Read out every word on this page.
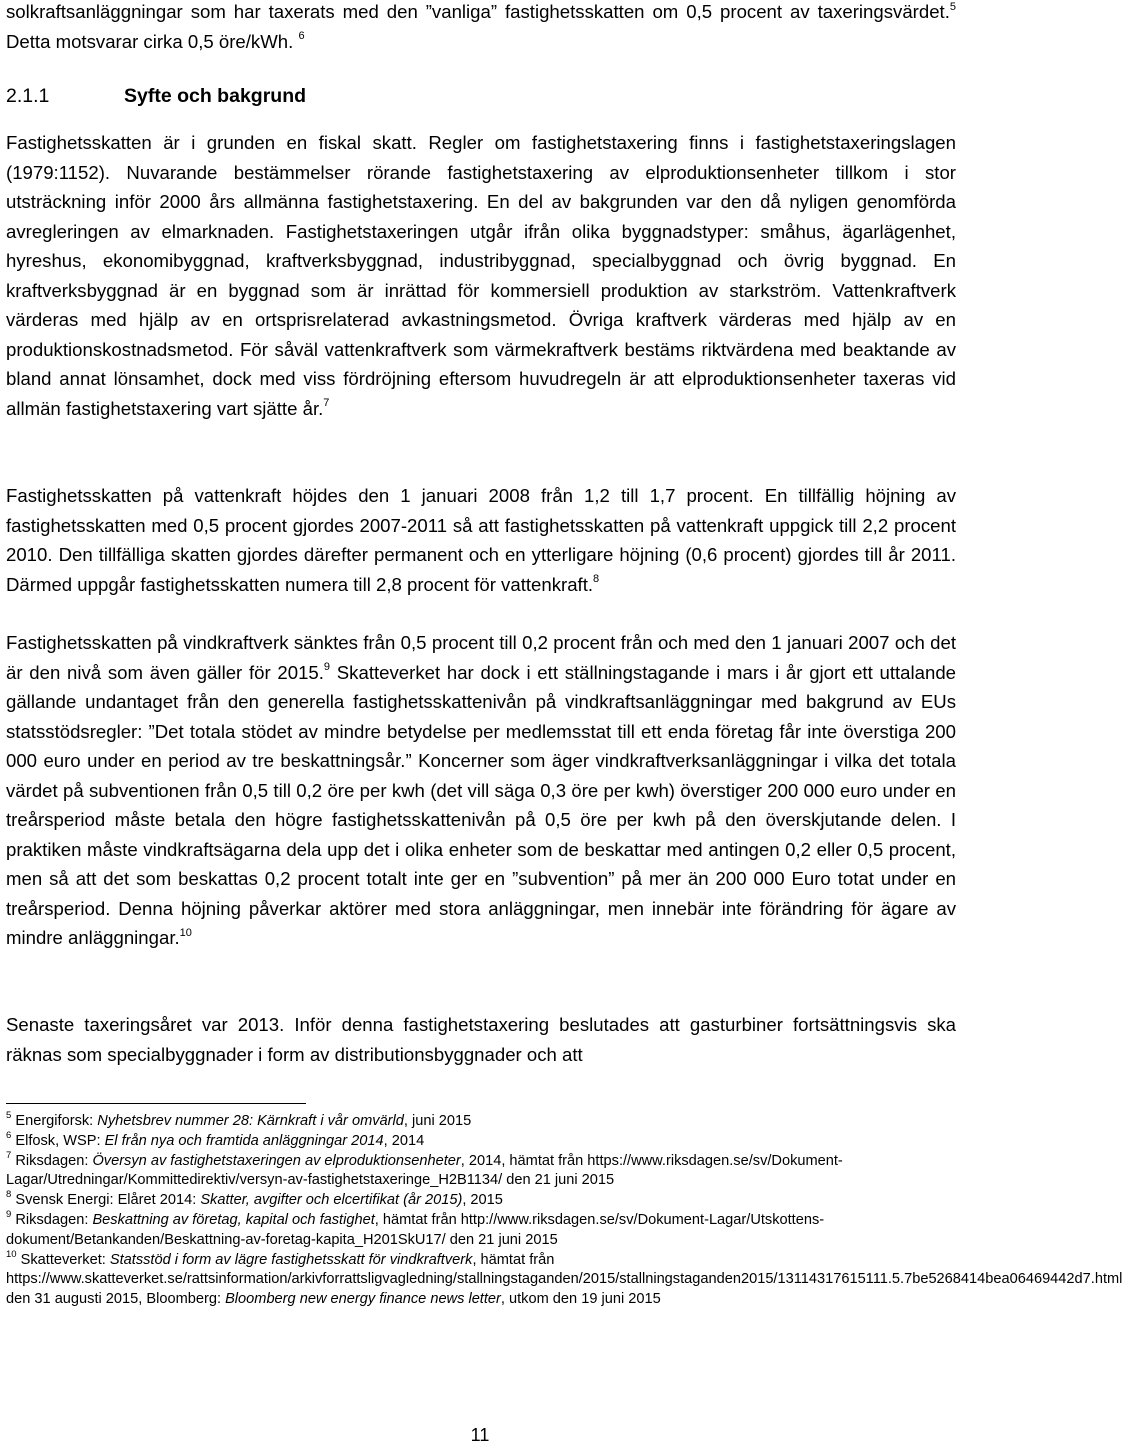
solkraftsanläggningar som har taxerats med den ”vanliga” fastighetsskatten om 0,5 procent av taxeringsvärdet.$^5$ Detta motsvarar cirka 0,5 öre/kWh. $^6$

2.1.1	Syfte och bakgrund

Fastighetsskatten är i grunden en fiskal skatt. Regler om fastighetstaxering finns i fastighetstaxeringslagen (1979:1152). Nuvarande bestämmelser rörande fastighetstaxering av elproduktionsenheter tillkom i stor utsträckning inför 2000 års allmänna fastighetstaxering. En del av bakgrunden var den då nyligen genomförda avregleringen av elmarknaden. Fastighetstaxeringen utgår ifrån olika byggnadstyper: småhus, ägarlägenhet, hyreshus, ekonomibyggnad, kraftverksbyggnad, industribyggnad, specialbyggnad och övrig byggnad. En kraftverksbyggnad är en byggnad som är inrättad för kommersiell produktion av starkström. Vattenkraftverk värderas med hjälp av en ortsprisrelaterad avkastningsmetod. Övriga kraftverk värderas med hjälp av en produktionskostnadsmetod. För såväl vattenkraftverk som värmekraftverk bestäms riktvärdena med beaktande av bland annat lönsamhet, dock med viss fördröjning eftersom huvudregeln är att elproduktionsenheter taxeras vid allmän fastighetstaxering vart sjätte år.$^7$

Fastighetsskatten på vattenkraft höjdes den 1 januari 2008 från 1,2 till 1,7 procent. En tillfällig höjning av fastighetsskatten med 0,5 procent gjordes 2007-2011 så att fastighetsskatten på vattenkraft uppgick till 2,2 procent 2010. Den tillfälliga skatten gjordes därefter permanent och en ytterligare höjning (0,6 procent) gjordes till år 2011. Därmed uppgår fastighetsskatten numera till 2,8 procent för vattenkraft.$^8$

Fastighetsskatten på vindkraftverk sänktes från 0,5 procent till 0,2 procent från och med den 1 januari 2007 och det är den nivå som även gäller för 2015.$^9$ Skatteverket har dock i ett ställningstagande i mars i år gjort ett uttalande gällande undantaget från den generella fastighetsskattenivån på vindkraftsanläggningar med bakgrund av EUs statsstödsregler: ”Det totala stödet av mindre betydelse per medlemsstat till ett enda företag får inte överstiga 200 000 euro under en period av tre beskattningsår.” Koncerner som äger vindkraftverksanläggningar i vilka det totala värdet på subventionen från 0,5 till 0,2 öre per kwh (det vill säga 0,3 öre per kwh) överstiger 200 000 euro under en treårsperiod måste betala den högre fastighetsskattenivån på 0,5 öre per kwh på den överskjutande delen. I praktiken måste vindkraftsägarna dela upp det i olika enheter som de beskattar med antingen 0,2 eller 0,5 procent, men så att det som beskattas 0,2 procent totalt inte ger en ”subvention” på mer än 200 000 Euro totat under en treårsperiod. Denna höjning påverkar aktörer med stora anläggningar, men innebär inte förändring för ägare av mindre anläggningar.$^{10}$

Senaste taxeringsåret var 2013. Inför denna fastighetstaxering beslutades att gasturbiner fortsättningsvis ska räknas som specialbyggnader i form av distributionsbyggnader och att

$^5$ Energiforsk: Nyhetsbrev nummer 28: Kärnkraft i vår omvärld, juni 2015

$^6$ Elfosk, WSP: El från nya och framtida anläggningar 2014, 2014

$^7$ Riksdagen: Översyn av fastighetstaxeringen av elproduktionsenheter, 2014, hämtat från https://www.riksdagen.se/sv/Dokument-Lagar/Utredningar/Kommittedirektiv/versyn-av-fastighetstaxeringe_H2B1134/ den 21 juni 2015

$^8$ Svensk Energi: Elåret 2014: Skatter, avgifter och elcertifikat (år 2015), 2015

$^9$ Riksdagen: Beskattning av företag, kapital och fastighet, hämtat från http://www.riksdagen.se/sv/Dokument-Lagar/Utskottens-dokument/Betankanden/Beskattning-av-foretag-kapita_H201SkU17/ den 21 juni 2015

$^{10}$ Skatteverket: Statsstöd i form av lägre fastighetsskatt för vindkraftverk, hämtat från https://www.skatteverket.se/rattsinformation/arkivforrattsligvagledning/stallningstaganden/2015/stallningstaganden2015/13114317615111.5.7be5268414bea06469442d7.html den 31 augusti 2015, Bloomberg: Bloomberg new energy finance news letter, utkom den 19 juni 2015

11
